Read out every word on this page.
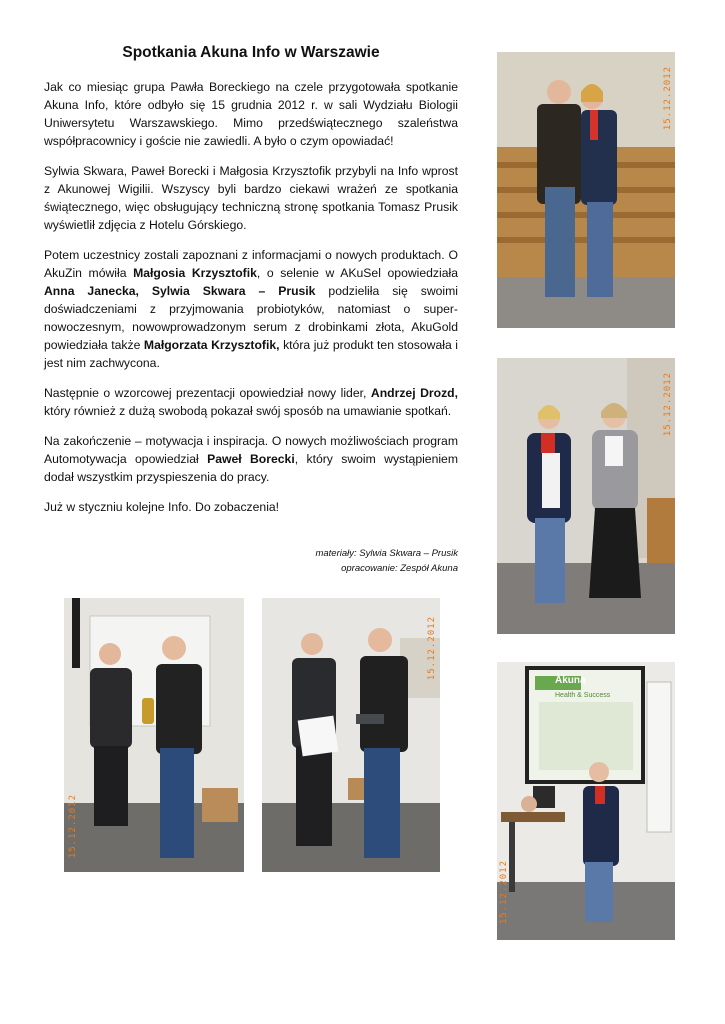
Spotkania Akuna Info w Warszawie

Jak co miesiąc grupa Pawła Boreckiego na czele przygotowała spotkanie Akuna Info, które odbyło się 15 grudnia 2012 r. w sali Wydziału Biologii Uniwersytetu Warszawskiego. Mimo przedświątecznego szaleństwa współpracownicy i goście nie zawiedli. A było o czym opowiadać!

Sylwia Skwara, Paweł Borecki i Małgosia Krzysztofik przybyli na Info wprost z Akunowej Wigilii. Wszyscy byli bardzo ciekawi wrażeń ze spotkania świątecznego, więc obsługujący techniczną stronę spotkania Tomasz Prusik wyświetlił zdjęcia z Hotelu Górskiego.

Potem uczestnicy zostali zapoznani z informacjami o nowych produktach. O AkuZin mówiła Małgosia Krzysztofik, o selenie w AKuSel opowiedziała Anna Janecka, Sylwia Skwara – Prusik podzieliła się swoimi doświadczeniami z przyjmowania probiotyków, natomiast o super-nowoczesnym, nowowprowadzonym serum z drobinkami złota, AkuGold powiedziała także Małgorzata Krzysztofik, która już produkt ten stosowała i jest nim zachwycona.

Następnie o wzorcowej prezentacji opowiedział nowy lider, Andrzej Drozd, który również z dużą swobodą pokazał swój sposób na umawianie spotkań.

Na zakończenie – motywacja i inspiracja. O nowych możliwościach program Automotywacja opowiedział Paweł Borecki, który swoim wystąpieniem dodał wszystkim przyspieszenia do pracy.

Już w styczniu kolejne Info. Do zobaczenia!

materiały: Sylwia Skwara – Prusik
opracowanie: Zespół Akuna
15.12.2012
15.12.2012
15.12.2012
15.12.2012
Akuna
Health & Success
15.12.2012
